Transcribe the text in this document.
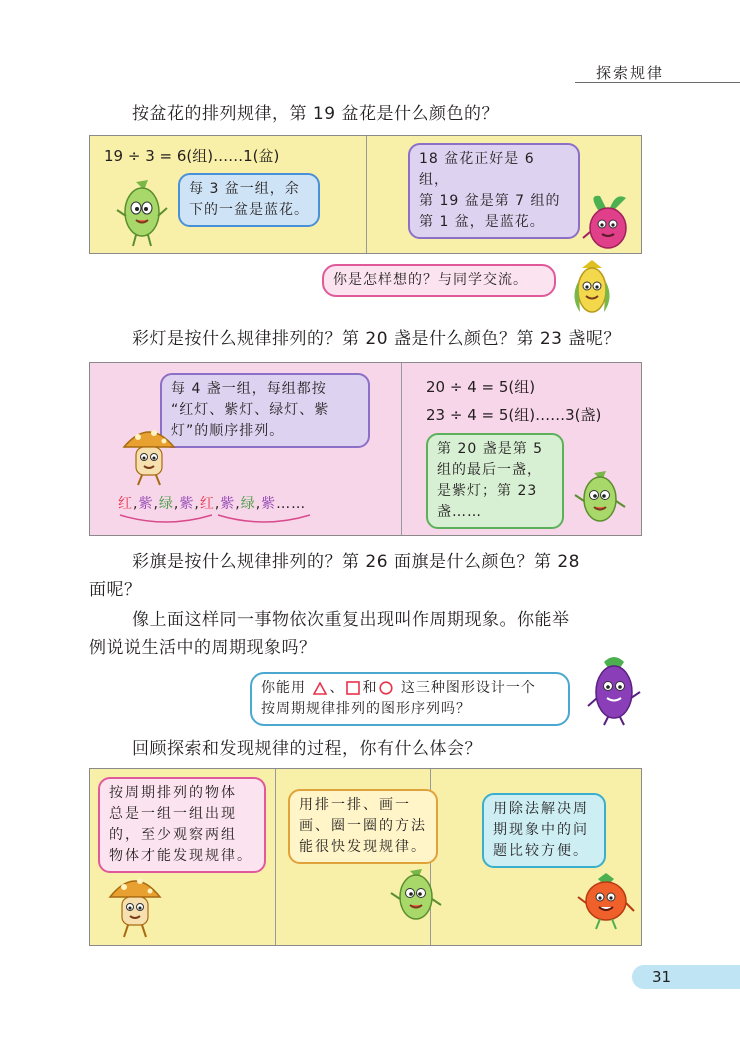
探索规律
按盆花的排列规律，第 19 盆花是什么颜色的？
19 ÷ 3 = 6(组)……1(盆)
每 3 盆一组，余
下的一盆是蓝花。
18 盆花正好是 6 组，
第 19 盆是第 7 组的
第 1 盆，是蓝花。
你是怎样想的？与同学交流。
彩灯是按什么规律排列的？第 20 盏是什么颜色？第 23 盏呢？
每 4 盏一组，每组都按
“红灯、紫灯、绿灯、紫
灯”的顺序排列。
红,紫,绿,紫,红,紫,绿,紫……
20 ÷ 4 = 5(组)
23 ÷ 4 = 5(组)……3(盏)
第 20 盏是第 5
组的最后一盏，
是紫灯；第 23
盏……
彩旗是按什么规律排列的？第 26 面旗是什么颜色？第 28
面呢？
像上面这样同一事物依次重复出现叫作周期现象。你能举
例说说生活中的周期现象吗？
你能用 、 和 这三种图形设计一个
按周期规律排列的图形序列吗？
回顾探索和发现规律的过程，你有什么体会？
按周期排列的物体
总是一组一组出现
的，至少观察两组
物体才能发现规律。
用排一排、画一
画、圈一圈的方法
能很快发现规律。
用除法解决周
期现象中的问
题比较方便。
31
